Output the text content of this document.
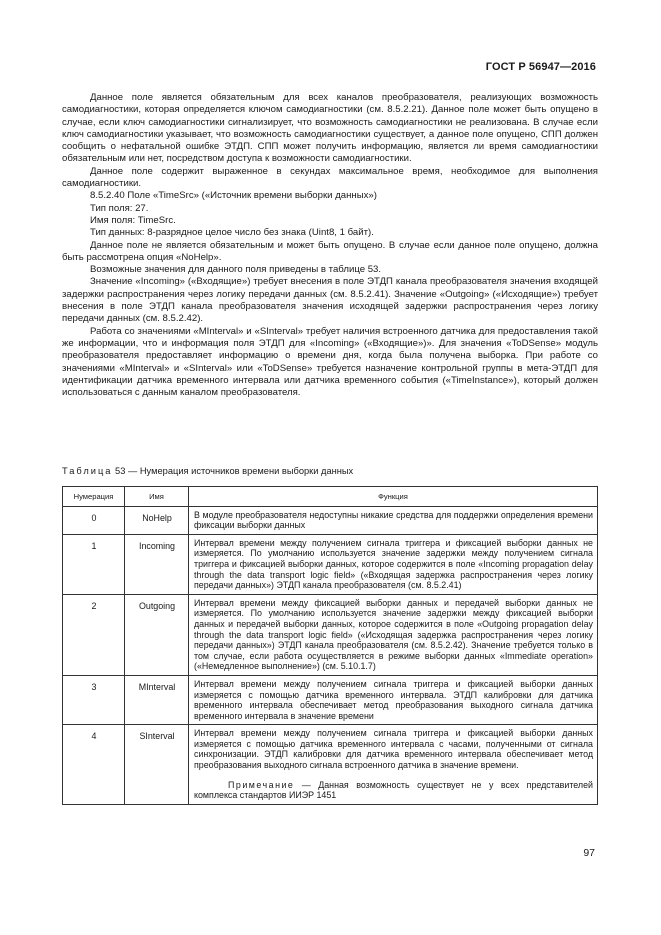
ГОСТ Р 56947—2016

Данное поле является обязательным для всех каналов преобразователя, реализующих возможность самодиагностики, которая определяется ключом самодиагностики (см. 8.5.2.21). Данное поле может быть опущено в случае, если ключ самодиагностики сигнализирует, что возможность самодиагностики не реализована. В случае если ключ самодиагностики указывает, что возможность самодиагностики существует, а данное поле опущено, СПП должен сообщить о нефатальной ошибке ЭТДП. СПП может получить информацию, является ли время самодиагностики обязательным или нет, посредством доступа к возможности самодиагностики.

Данное поле содержит выраженное в секундах максимальное время, необходимое для выполнения самодиагностики.

8.5.2.40 Поле «TimeSrc» («Источник времени выборки данных»)

Тип поля: 27.

Имя поля: TimeSrc.

Тип данных: 8-разрядное целое число без знака (Uint8, 1 байт).

Данное поле не является обязательным и может быть опущено. В случае если данное поле опущено, должна быть рассмотрена опция «NoHelp».

Возможные значения для данного поля приведены в таблице 53.

Значение «Incoming» («Входящие») требует внесения в поле ЭТДП канала преобразователя значения входящей задержки распространения через логику передачи данных (см. 8.5.2.41). Значение «Outgoing» («Исходящие») требует внесения в поле ЭТДП канала преобразователя значения исходящей задержки распространения через логику передачи данных (см. 8.5.2.42).

Работа со значениями «MInterval» и «SInterval» требует наличия встроенного датчика для предоставления такой же информации, что и информация поля ЭТДП для «Incoming» («Входящие»)». Для значения «ToDSense» модуль преобразователя предоставляет информацию о времени дня, когда была получена выборка. При работе со значениями «MInterval» и «SInterval» или «ToDSense» требуется назначение контрольной группы в мета-ЭТДП для идентификации датчика временного интервала или датчика временного события («TimeInstance»), который должен использоваться с данным каналом преобразователя.

Таблица 53 — Нумерация источников времени выборки данных
Нумерация	Имя	Функция
0	NoHelp	В модуле преобразователя недоступны никакие средства для поддержки определения времени фиксации выборки данных
1	Incoming	Интервал времени между получением сигнала триггера и фиксацией выборки данных не измеряется. По умолчанию используется значение задержки между получением сигнала триггера и фиксацией выборки данных, которое содержится в поле «Incoming propagation delay through the data transport logic field» («Входящая задержка распространения через логику передачи данных») ЭТДП канала преобразователя (см. 8.5.2.41)
2	Outgoing	Интервал времени между фиксацией выборки данных и передачей выборки данных не измеряется. По умолчанию используется значение задержки между фиксацией выборки данных и передачей выборки данных, которое содержится в поле «Outgoing propagation delay through the data transport logic field» («Исходящая задержка распространения через логику передачи данных») ЭТДП канала преобразователя (см. 8.5.2.42). Значение требуется только в том случае, если работа осуществляется в режиме выборки данных «Immediate operation» («Немедленное выполнение») (см. 5.10.1.7)
3	MInterval	Интервал времени между получением сигнала триггера и фиксацией выборки данных измеряется с помощью датчика временного интервала. ЭТДП калибровки для датчика временного интервала обеспечивает метод преобразования выходного сигнала датчика временного интервала в значение времени
4	SInterval	Интервал времени между получением сигнала триггера и фиксацией выборки данных измеряется с помощью датчика временного интервала с часами, полученными от сигнала синхронизации. ЭТДП калибровки для датчика временного интервала обеспечивает метод преобразования выходного сигнала встроенного датчика в значение времени.
Примечание — Данная возможность существует не у всех представителей комплекса стандартов ИИЭР 1451
97
